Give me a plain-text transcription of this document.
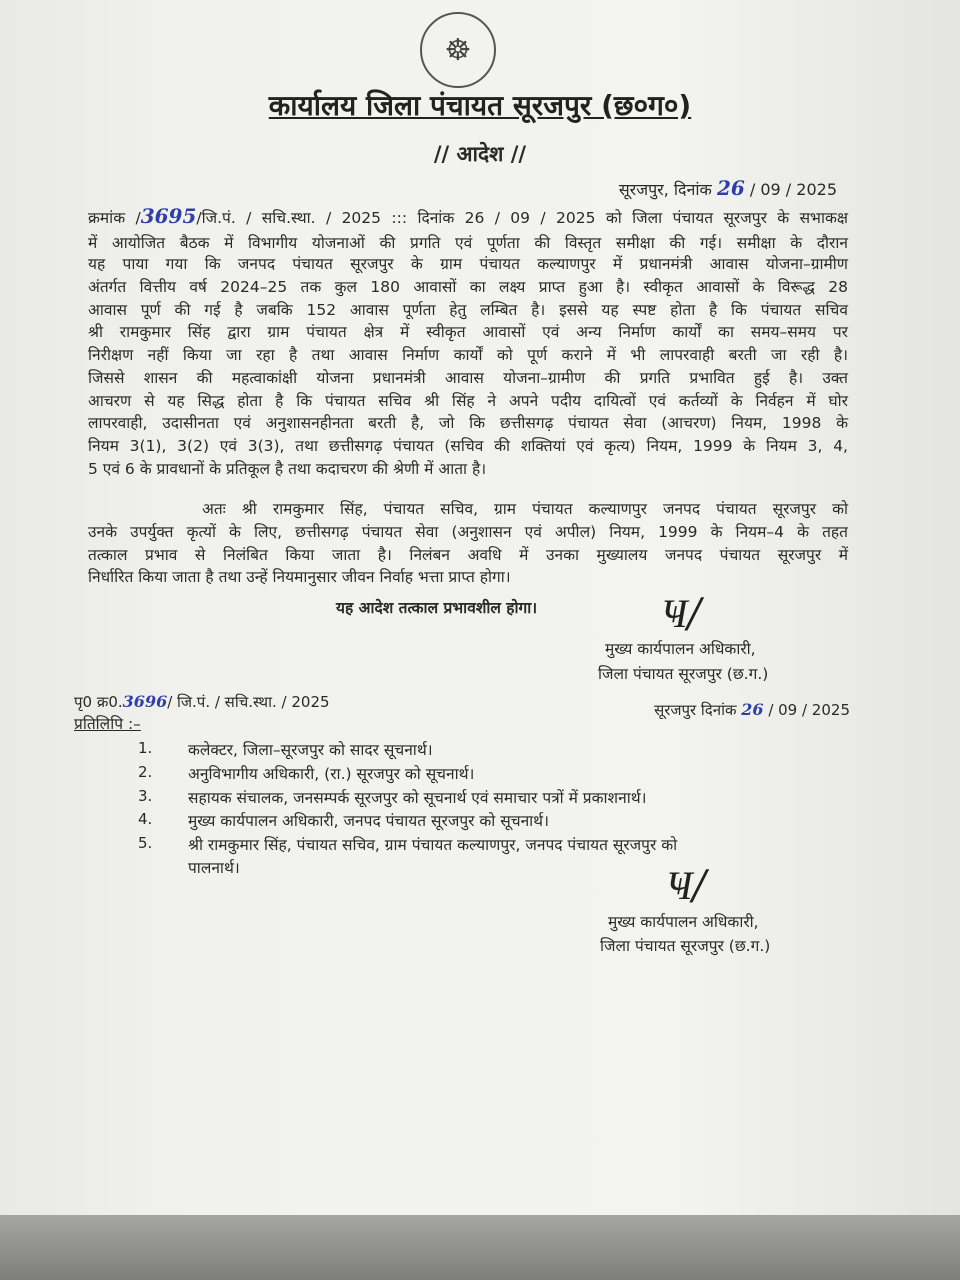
☸
कार्यालय जिला पंचायत सूरजपुर (छ०ग०)
// आदेश //
सूरजपुर, दिनांक 26 / 09 / 2025
क्रमांक /3695/जि.पं. / सचि.स्था. / 2025 ::: दिनांक 26 / 09 / 2025 को जिला पंचायत सूरजपुर के सभाकक्ष
में आयोजित बैठक में विभागीय योजनाओं की प्रगति एवं पूर्णता की विस्तृत समीक्षा की गई। समीक्षा के दौरान
यह पाया गया कि जनपद पंचायत सूरजपुर के ग्राम पंचायत कल्याणपुर में प्रधानमंत्री आवास योजना–ग्रामीण
अंतर्गत वित्तीय वर्ष 2024–25 तक कुल 180 आवासों का लक्ष्य प्राप्त हुआ है। स्वीकृत आवासों के विरूद्ध 28
आवास पूर्ण की गई है जबकि 152 आवास पूर्णता हेतु लम्बित है। इससे यह स्पष्ट होता है कि पंचायत सचिव
श्री रामकुमार सिंह द्वारा ग्राम पंचायत क्षेत्र में स्वीकृत आवासों एवं अन्य निर्माण कार्यों का समय–समय पर
निरीक्षण नहीं किया जा रहा है तथा आवास निर्माण कार्यों को पूर्ण कराने में भी लापरवाही बरती जा रही है।
जिससे शासन की महत्वाकांक्षी योजना प्रधानमंत्री आवास योजना–ग्रामीण की प्रगति प्रभावित हुई है। उक्त
आचरण से यह सिद्ध होता है कि पंचायत सचिव श्री सिंह ने अपने पदीय दायित्वों एवं कर्तव्यों के निर्वहन में घोर
लापरवाही, उदासीनता एवं अनुशासनहीनता बरती है, जो कि छत्तीसगढ़ पंचायत सेवा (आचरण) नियम, 1998 के
नियम 3(1), 3(2) एवं 3(3), तथा छत्तीसगढ़ पंचायत (सचिव की शक्तियां एवं कृत्य) नियम, 1999 के नियम 3, 4,
5 एवं 6 के प्रावधानों के प्रतिकूल है तथा कदाचरण की श्रेणी में आता है।
अतः श्री रामकुमार सिंह, पंचायत सचिव, ग्राम पंचायत कल्याणपुर जनपद पंचायत सूरजपुर को
उनके उपर्युक्त कृत्यों के लिए, छत्तीसगढ़ पंचायत सेवा (अनुशासन एवं अपील) नियम, 1999 के नियम–4 के तहत
तत्काल प्रभाव से निलंबित किया जाता है। निलंबन अवधि में उनका मुख्यालय जनपद पंचायत सूरजपुर में
निर्धारित किया जाता है तथा उन्हें नियमानुसार जीवन निर्वाह भत्ता प्राप्त होगा।
यह आदेश तत्काल प्रभावशील होगा।	Ҹ/
मुख्य कार्यपालन अधिकारी,
जिला पंचायत सूरजपुर (छ.ग.)
पृ0 क्र0.3696/ जि.पं. / सचि.स्था. / 2025	सूरजपुर दिनांक 26 / 09 / 2025
प्रतिलिपि :–
1. कलेक्टर, जिला–सूरजपुर को सादर सूचनार्थ।
2. अनुविभागीय अधिकारी, (रा.) सूरजपुर को सूचनार्थ।
3. सहायक संचालक, जनसम्पर्क सूरजपुर को सूचनार्थ एवं समाचार पत्रों में प्रकाशनार्थ।
4. मुख्य कार्यपालन अधिकारी, जनपद पंचायत सूरजपुर को सूचनार्थ।
5. श्री रामकुमार सिंह, पंचायत सचिव, ग्राम पंचायत कल्याणपुर, जनपद पंचायत सूरजपुर को
पालनार्थ।	Ҹ/
मुख्य कार्यपालन अधिकारी,
जिला पंचायत सूरजपुर (छ.ग.)
